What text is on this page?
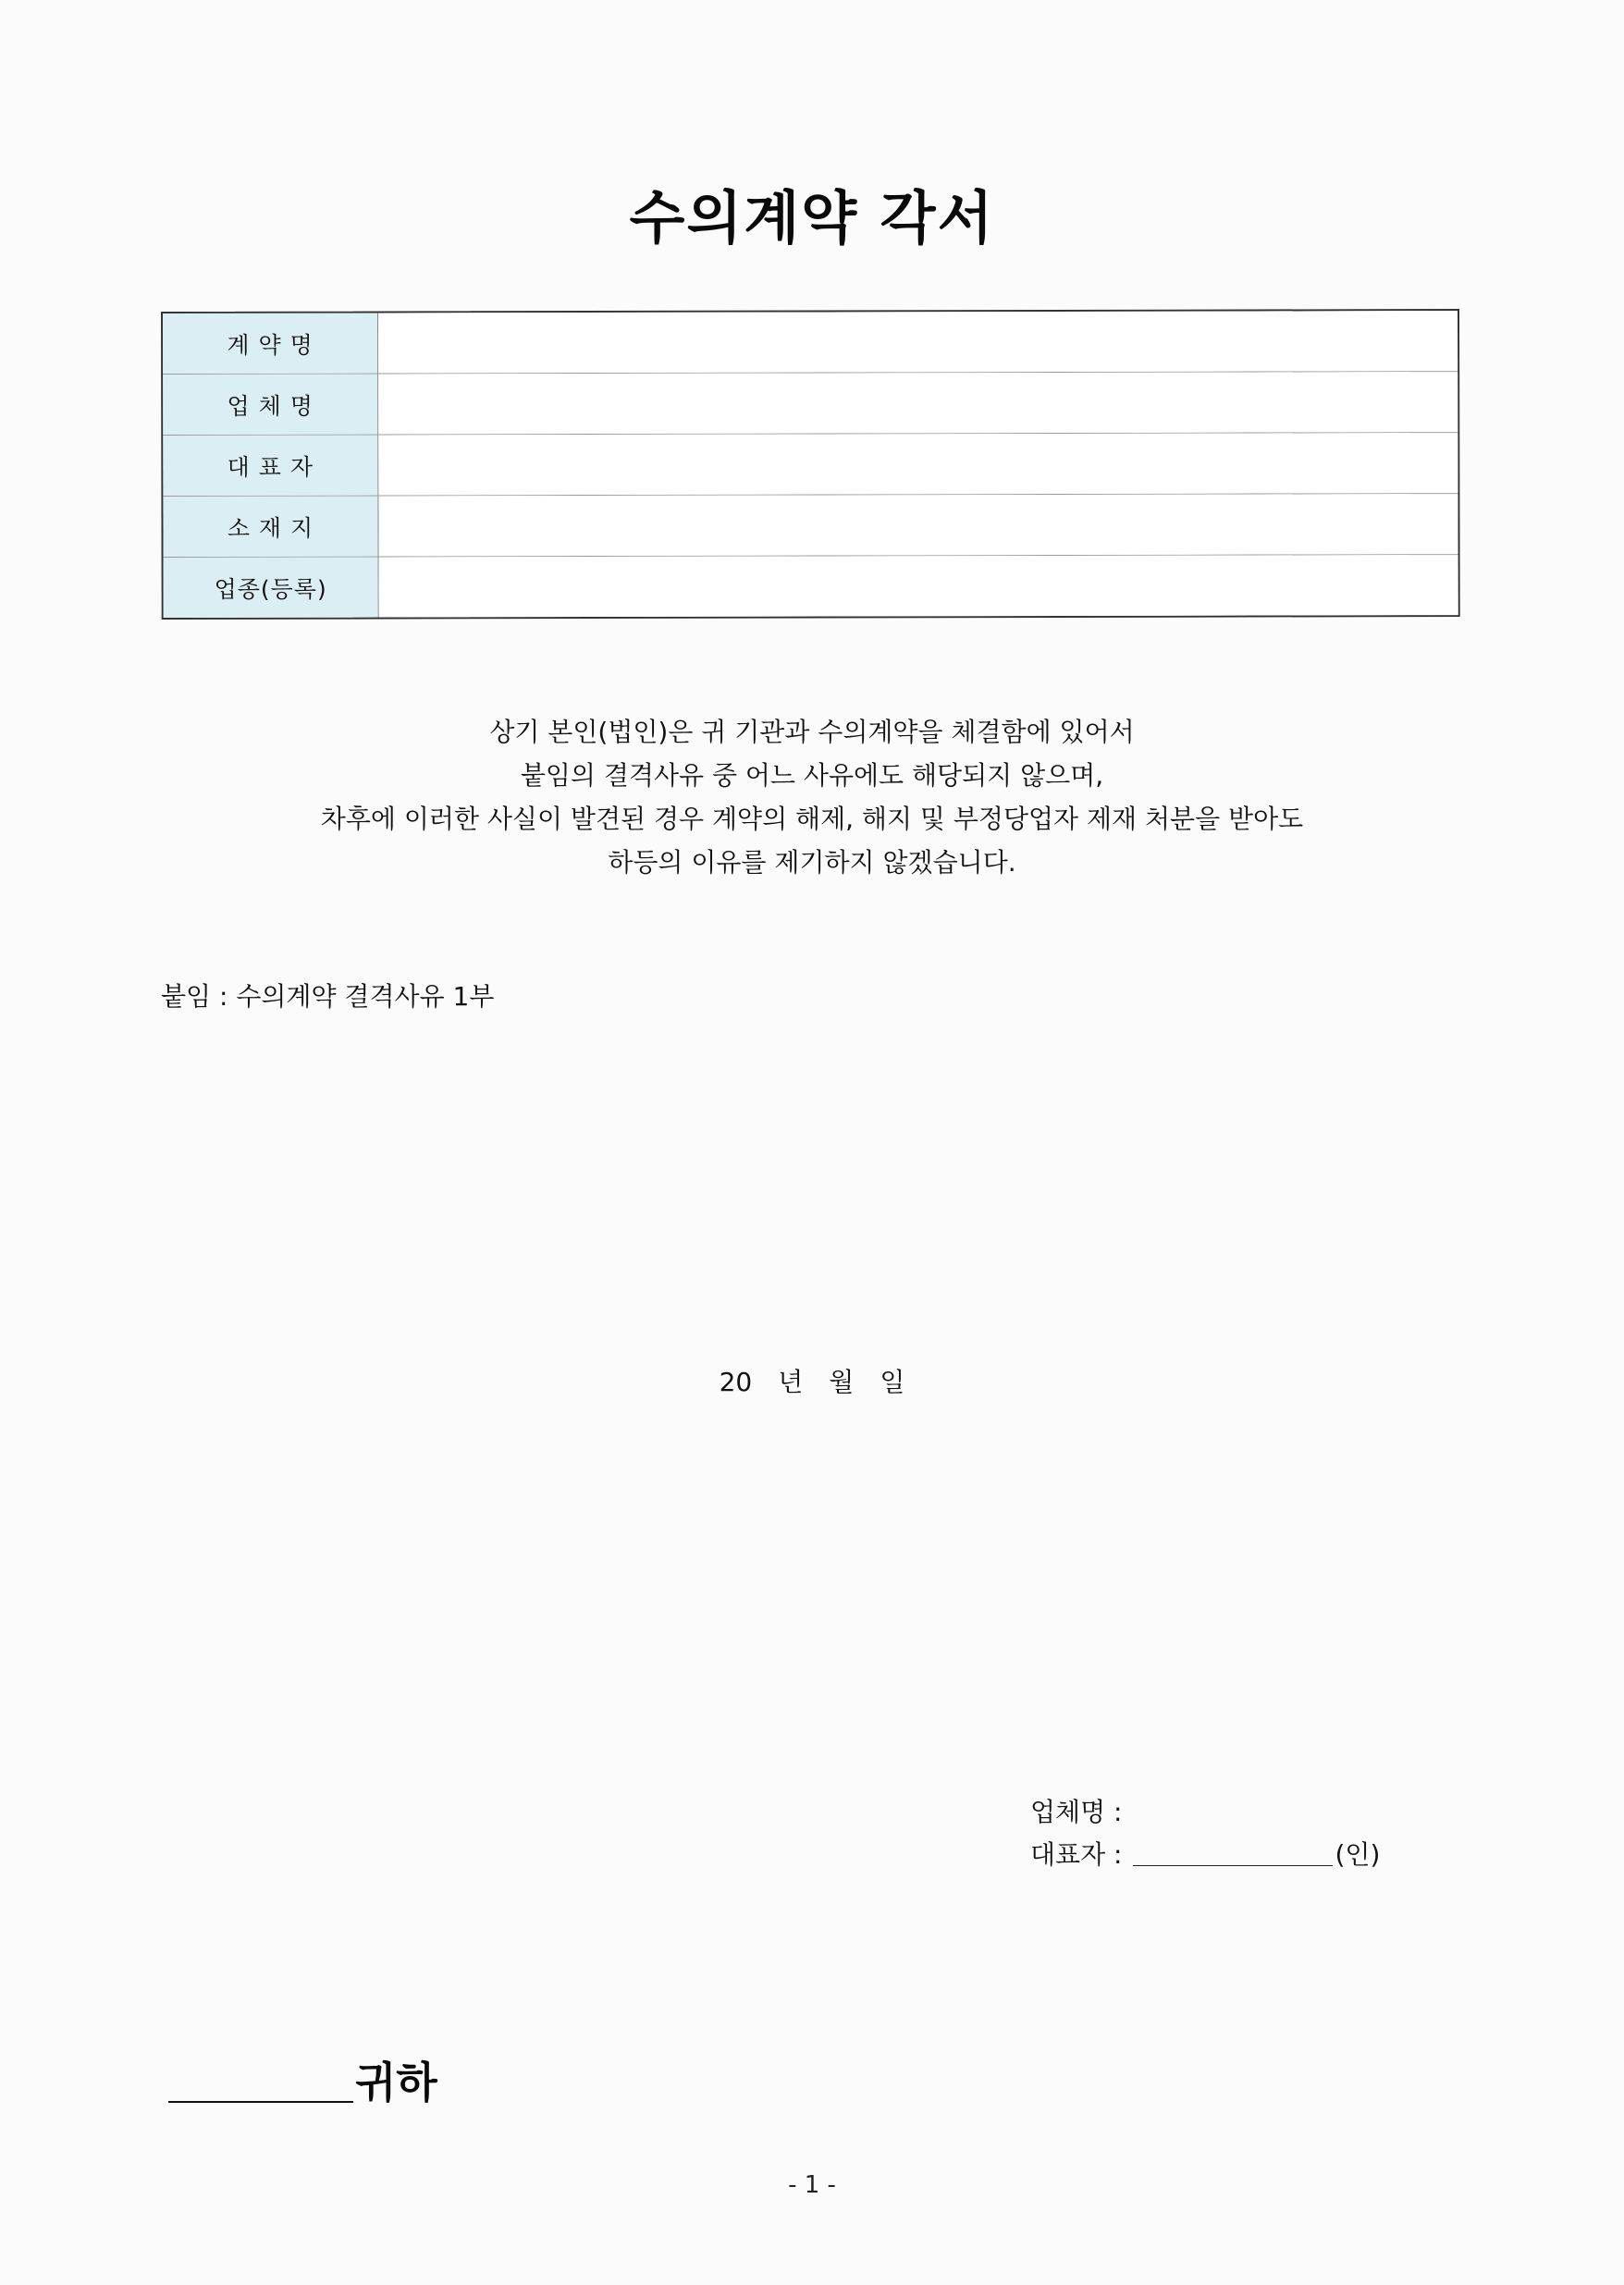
수의계약 각서
계 약 명
업 체 명
대 표 자
소 재 지
업종(등록)
상기 본인(법인)은 귀 기관과 수의계약을 체결함에 있어서
붙임의 결격사유 중 어느 사유에도 해당되지 않으며,
차후에 이러한 사실이 발견된 경우 계약의 해제, 해지 및 부정당업자 제재 처분을 받아도
하등의 이유를 제기하지 않겠습니다.
붙임 : 수의계약 결격사유 1부
20 년 월 일
업체명 :
대표자 :	(인)
귀하
- 1 -
